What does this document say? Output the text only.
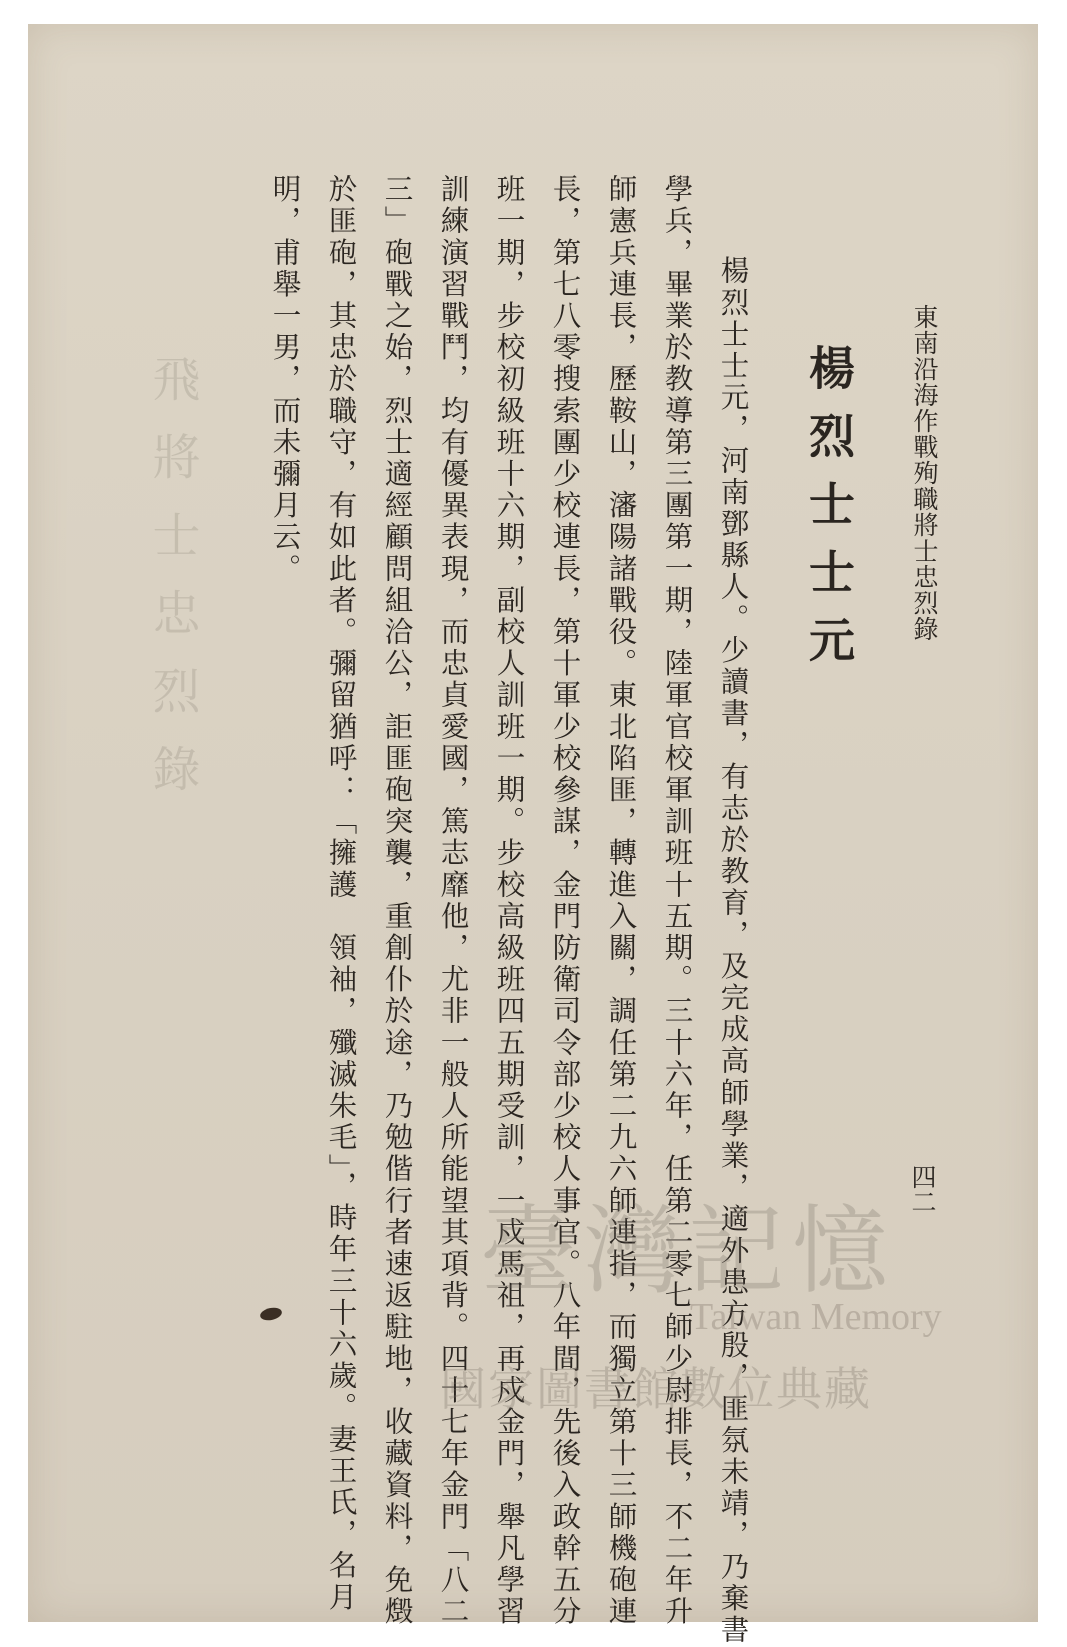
東南沿海作戰殉職將士忠烈錄
四二
楊烈士士元
　楊烈士士元，河南鄧縣人。少讀書，有志於教育，及完成高師學業，適外患方殷，匪氛未靖，乃棄書
學兵，畢業於教導第三團第一期，陸軍官校軍訓班十五期。三十六年，任第二零七師少尉排長，不二年升
師憲兵連長，歷鞍山，瀋陽諸戰役。東北陷匪，轉進入關，調任第二九六師連指，而獨立第十三師機砲連
長，第七八零搜索團少校連長，第十軍少校參謀，金門防衛司令部少校人事官。八年間，先後入政幹五分
班一期，步校初級班十六期，副校人訓班一期。步校高級班四五期受訓，一戍馬祖，再戍金門，舉凡學習
訓練演習戰鬥，均有優異表現，而忠貞愛國，篤志靡他，尤非一般人所能望其項背。四十七年金門「八二
三」砲戰之始，烈士適經顧問組洽公，詎匪砲突襲，重創仆於途，乃勉偕行者速返駐地，收藏資料，免燬
於匪砲，其忠於職守，有如此者。彌留猶呼：「擁護　領袖，殲滅朱毛」，時年三十六歲。妻王氏，名月
明，甫舉一男，而未彌月云。
飛將士忠烈錄
臺灣記憶
Taiwan Memory
國家圖書館數位典藏
